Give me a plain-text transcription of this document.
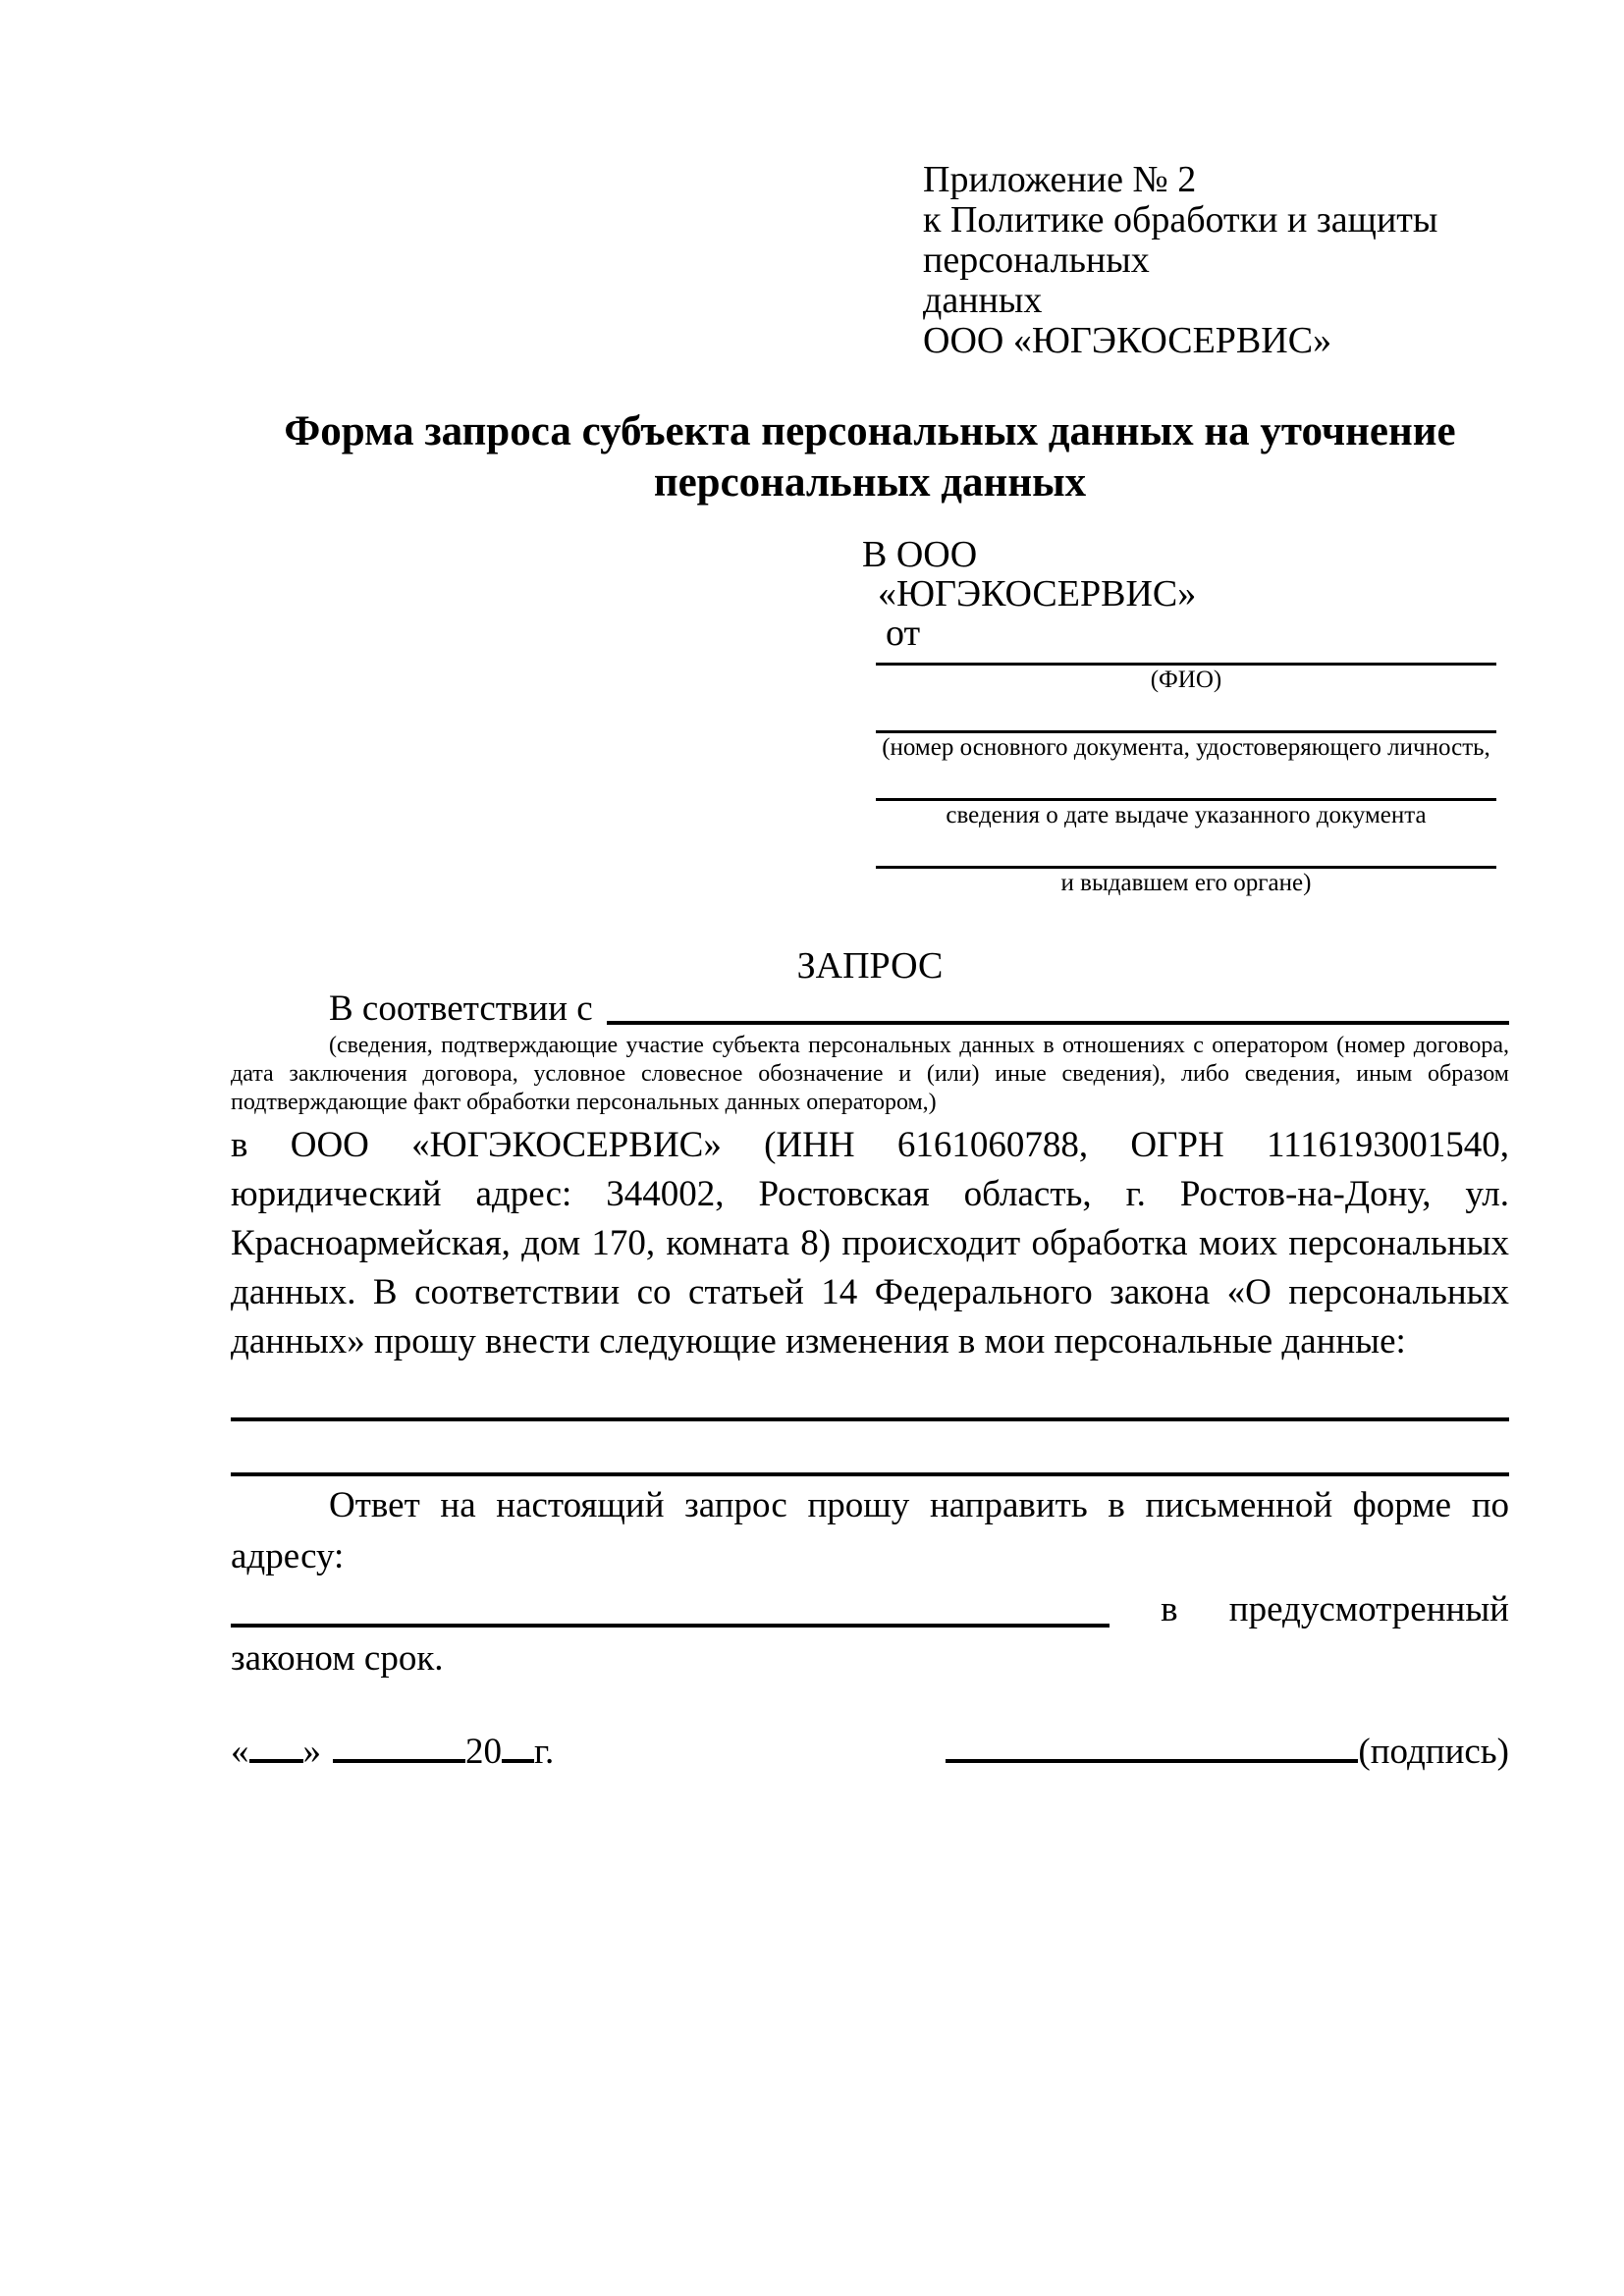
Приложение № 2
к Политике обработки и защиты персональных
данных
ООО «ЮГЭКОСЕРВИС»
Форма запроса субъекта персональных данных на уточнение
персональных данных
В ООО
«ЮГЭКОСЕРВИС»
от
(ФИО)
(номер основного документа, удостоверяющего личность,
сведения о дате выдаче указанного документа
и выдавшем его органе)
ЗАПРОС
В соответствии с
(сведения, подтверждающие участие субъекта персональных данных в отношениях с оператором (номер договора, дата заключения договора, условное словесное обозначение и (или) иные сведения), либо сведения, иным образом подтверждающие факт обработки персональных данных оператором,)
в ООО «ЮГЭКОСЕРВИС» (ИНН 6161060788, ОГРН 1116193001540, юридический адрес: 344002, Ростовская область, г. Ростов-на-Дону, ул. Красноармейская, дом 170, комната 8) происходит обработка моих персональных данных. В соответствии со статьей 14 Федерального закона «О персональных данных» прошу внести следующие изменения в мои персональные данные:
Ответ на настоящий запрос прошу направить в письменной форме по адресу:
в предусмотренный
законом срок.
« »	20 г.	(подпись)
